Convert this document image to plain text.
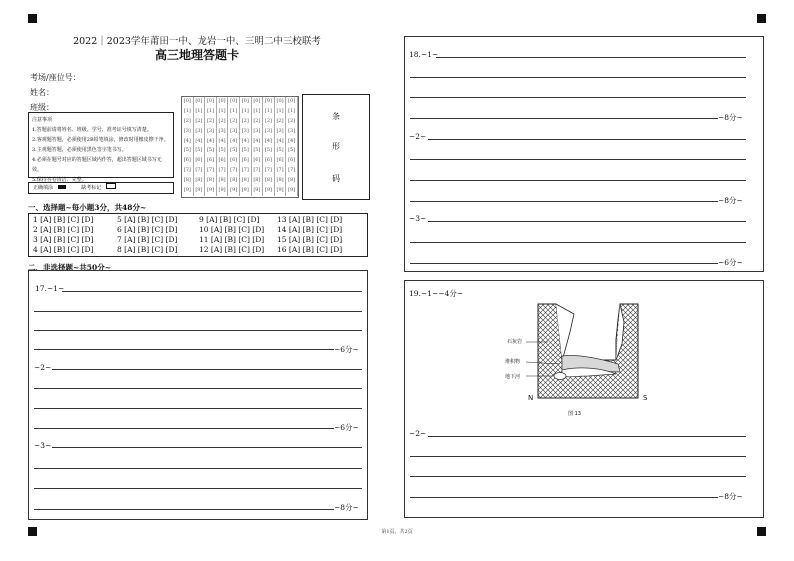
2022｜2023学年莆田一中、龙岩一中、三明二中三校联考
高三地理答题卡
考场/座位号：
姓名：
班级：
注意事项
1.答题前请将姓名、班级、学号、准考证号填写清楚。
2.客观题答题，必须使用2B铅笔填涂，修改时用橡皮擦干净。
3.主观题答题，必须使用黑色签字笔书写。
4.必须在题号对应的答题区域内作答，超出答题区域书写无效。
5.保持答卷清洁、完整。
正确填涂	缺考标记
[0] [0] [0] [0] [0] [0] [0] [0] [0] [0]
[1] [1] [1] [1] [1] [1] [1] [1] [1] [1]
[2] [2] [2] [2] [2] [2] [2] [2] [2] [2]
[3] [3] [3] [3] [3] [3] [3] [3] [3] [3]
[4] [4] [4] [4] [4] [4] [4] [4] [4] [4]
[5] [5] [5] [5] [5] [5] [5] [5] [5] [5]
[6] [6] [6] [6] [6] [6] [6] [6] [6] [6]
[7] [7] [7] [7] [7] [7] [7] [7] [7] [7]
[8] [8] [8] [8] [8] [8] [8] [8] [8] [8]
[9] [9] [9] [9] [9] [9] [9] [9] [9] [9]
条
形
码
一、选择题~每小题3分，共48分~
1 [A] [B] [C] [D]	5 [A] [B] [C] [D]	9 [A] [B] [C] [D] 13 [A] [B] [C] [D]
2 [A] [B] [C] [D]	6 [A] [B] [C] [D]	10 [A] [B] [C] [D] 14 [A] [B] [C] [D]
3 [A] [B] [C] [D]	7 [A] [B] [C] [D]	11 [A] [B] [C] [D] 15 [A] [B] [C] [D]
4 [A] [B] [C] [D]	8 [A] [B] [C] [D]	12 [A] [B] [C] [D] 16 [A] [B] [C] [D]
二、非选择题~共50分~
17.~1~
~6分~
~2~
~6分~
~3~
~8分~
18.~1~
~8分~
~2~
~8分~
~3~
~6分~
19.~1~~4分~
石灰岩
堆积物
地下河
N	S
图 13
~2~
~8分~
第1页，共2页
